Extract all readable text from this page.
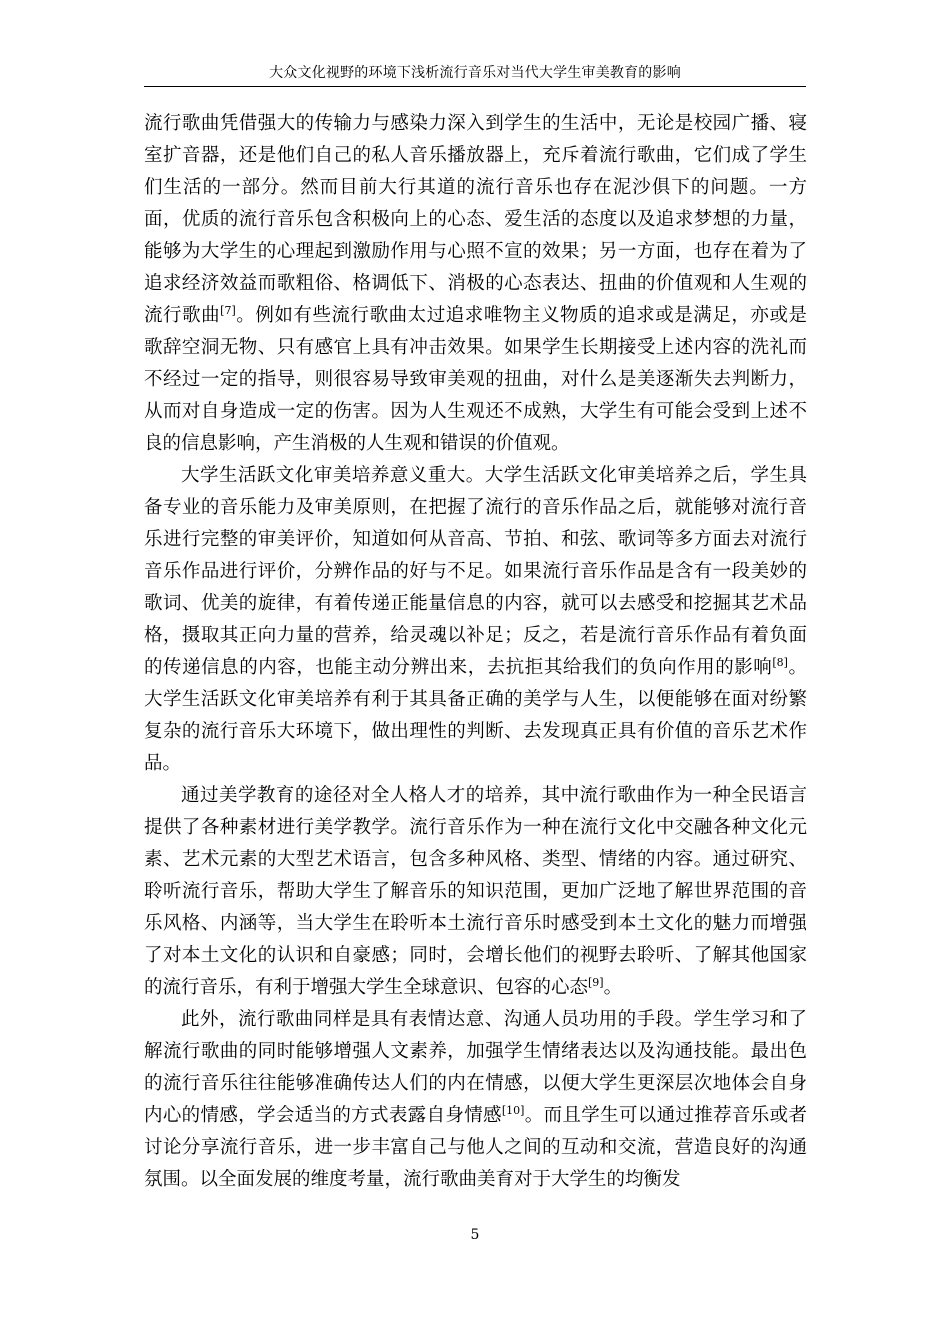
大众文化视野的环境下浅析流行音乐对当代大学生审美教育的影响

流行歌曲凭借强大的传输力与感染力深入到学生的生活中，无论是校园广播、寝室扩音器，还是他们自己的私人音乐播放器上，充斥着流行歌曲，它们成了学生们生活的一部分。然而目前大行其道的流行音乐也存在泥沙俱下的问题。一方面，优质的流行音乐包含积极向上的心态、爱生活的态度以及追求梦想的力量，能够为大学生的心理起到激励作用与心照不宣的效果；另一方面，也存在着为了追求经济效益而歌粗俗、格调低下、消极的心态表达、扭曲的价值观和人生观的流行歌曲[7]。例如有些流行歌曲太过追求唯物主义物质的追求或是满足，亦或是歌辞空洞无物、只有感官上具有冲击效果。如果学生长期接受上述内容的洗礼而不经过一定的指导，则很容易导致审美观的扭曲，对什么是美逐渐失去判断力，从而对自身造成一定的伤害。因为人生观还不成熟，大学生有可能会受到上述不良的信息影响，产生消极的人生观和错误的价值观。

大学生活跃文化审美培养意义重大。大学生活跃文化审美培养之后，学生具备专业的音乐能力及审美原则，在把握了流行的音乐作品之后，就能够对流行音乐进行完整的审美评价，知道如何从音高、节拍、和弦、歌词等多方面去对流行音乐作品进行评价，分辨作品的好与不足。如果流行音乐作品是含有一段美妙的歌词、优美的旋律，有着传递正能量信息的内容，就可以去感受和挖掘其艺术品格，摄取其正向力量的营养，给灵魂以补足；反之，若是流行音乐作品有着负面的传递信息的内容，也能主动分辨出来，去抗拒其给我们的负向作用的影响[8]。大学生活跃文化审美培养有利于其具备正确的美学与人生，以便能够在面对纷繁复杂的流行音乐大环境下，做出理性的判断、去发现真正具有价值的音乐艺术作品。

通过美学教育的途径对全人格人才的培养，其中流行歌曲作为一种全民语言提供了各种素材进行美学教学。流行音乐作为一种在流行文化中交融各种文化元素、艺术元素的大型艺术语言，包含多种风格、类型、情绪的内容。通过研究、聆听流行音乐，帮助大学生了解音乐的知识范围，更加广泛地了解世界范围的音乐风格、内涵等，当大学生在聆听本土流行音乐时感受到本土文化的魅力而增强了对本土文化的认识和自豪感；同时，会增长他们的视野去聆听、了解其他国家的流行音乐，有利于增强大学生全球意识、包容的心态[9]。

此外，流行歌曲同样是具有表情达意、沟通人员功用的手段。学生学习和了解流行歌曲的同时能够增强人文素养，加强学生情绪表达以及沟通技能。最出色的流行音乐往往能够准确传达人们的内在情感，以便大学生更深层次地体会自身内心的情感，学会适当的方式表露自身情感[10]。而且学生可以通过推荐音乐或者讨论分享流行音乐，进一步丰富自己与他人之间的互动和交流，营造良好的沟通氛围。以全面发展的维度考量，流行歌曲美育对于大学生的均衡发

5
